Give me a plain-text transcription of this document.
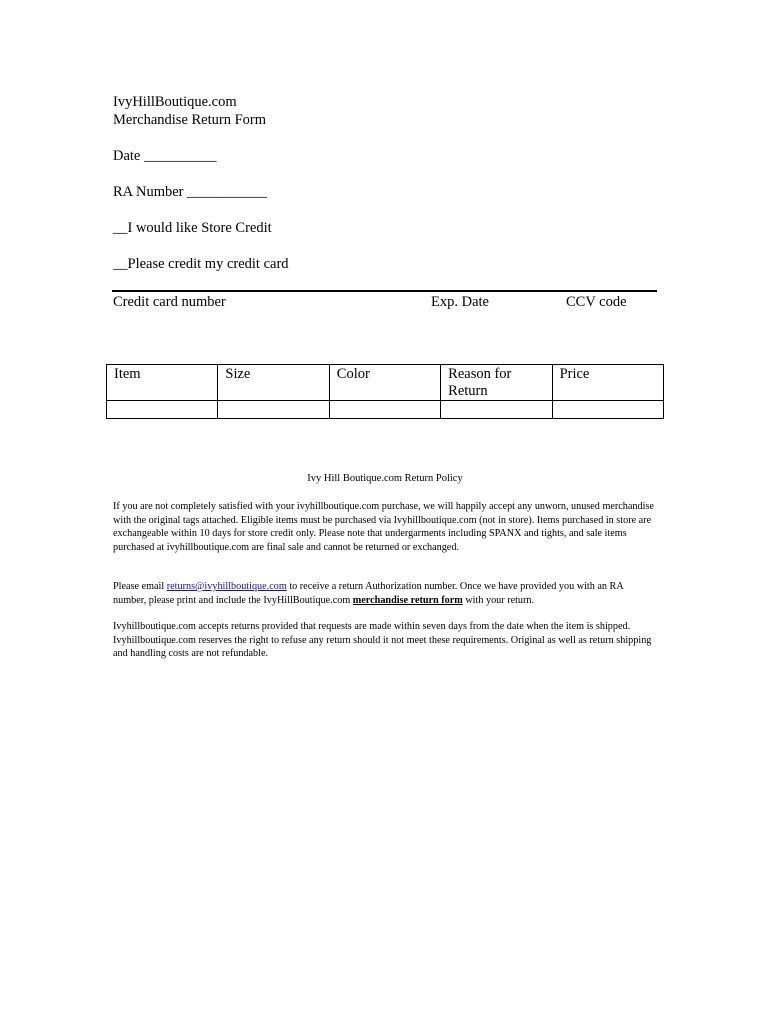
IvyHillBoutique.com
Merchandise Return Form
Date __________
RA Number ___________
__I would like Store Credit
__Please credit my credit card
Credit card number	Exp. Date	CCV code
Item	Size	Color	Reason for Return	Price

Ivy Hill Boutique.com Return Policy
If you are not completely satisfied with your ivyhillboutique.com purchase, we will happily accept any unworn, unused merchandise with the original tags attached. Eligible items must be purchased via Ivyhillboutique.com (not in store). Items purchased in store are exchangeable within 10 days for store credit only. Please note that undergarments including SPANX and tights, and sale items purchased at ivyhillboutique.com are final sale and cannot be returned or exchanged.
Please email returns@ivyhillboutique.com to receive a return Authorization number. Once we have provided you with an RA number, please print and include the IvyHillBoutique.com merchandise return form with your return.
Ivyhillboutique.com accepts returns provided that requests are made within seven days from the date when the item is shipped. Ivyhillboutique.com reserves the right to refuse any return should it not meet these requirements. Original as well as return shipping and handling costs are not refundable.
